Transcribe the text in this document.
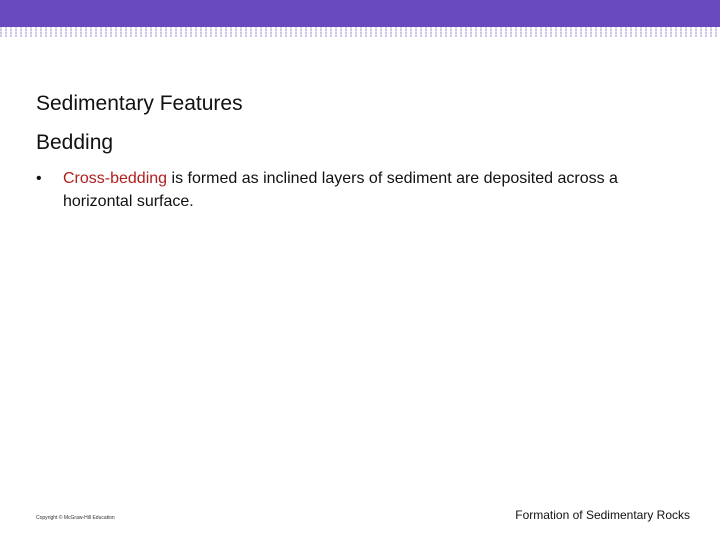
Sedimentary Features
Bedding
•	Cross-bedding is formed as inclined layers of sediment are deposited across a horizontal surface.
Copyright © McGraw-Hill Education	Formation of Sedimentary Rocks
